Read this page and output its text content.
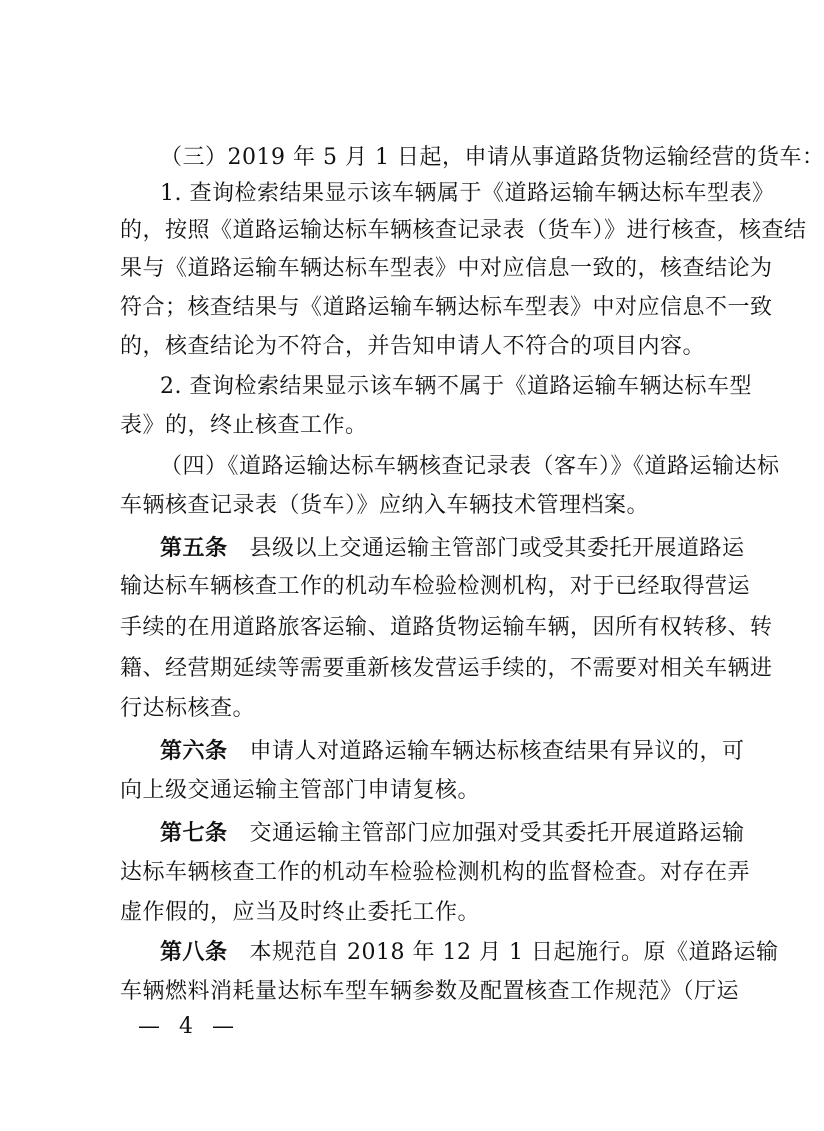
（三）2019 年 5 月 1 日起，申请从事道路货物运输经营的货车：
1. 查询检索结果显示该车辆属于《道路运输车辆达标车型表》
的，按照《道路运输达标车辆核查记录表（货车）》进行核查，核查结
果与《道路运输车辆达标车型表》中对应信息一致的，核查结论为
符合；核查结果与《道路运输车辆达标车型表》中对应信息不一致
的，核查结论为不符合，并告知申请人不符合的项目内容。
2. 查询检索结果显示该车辆不属于《道路运输车辆达标车型
表》的，终止核查工作。
（四）《道路运输达标车辆核查记录表（客车）》《道路运输达标
车辆核查记录表（货车）》应纳入车辆技术管理档案。
第五条 县级以上交通运输主管部门或受其委托开展道路运
输达标车辆核查工作的机动车检验检测机构，对于已经取得营运
手续的在用道路旅客运输、道路货物运输车辆，因所有权转移、转
籍、经营期延续等需要重新核发营运手续的，不需要对相关车辆进
行达标核查。
第六条 申请人对道路运输车辆达标核查结果有异议的，可
向上级交通运输主管部门申请复核。
第七条 交通运输主管部门应加强对受其委托开展道路运输
达标车辆核查工作的机动车检验检测机构的监督检查。对存在弄
虚作假的，应当及时终止委托工作。
第八条 本规范自 2018 年 12 月 1 日起施行。原《道路运输
车辆燃料消耗量达标车型车辆参数及配置核查工作规范》（厅运
— 4 —
